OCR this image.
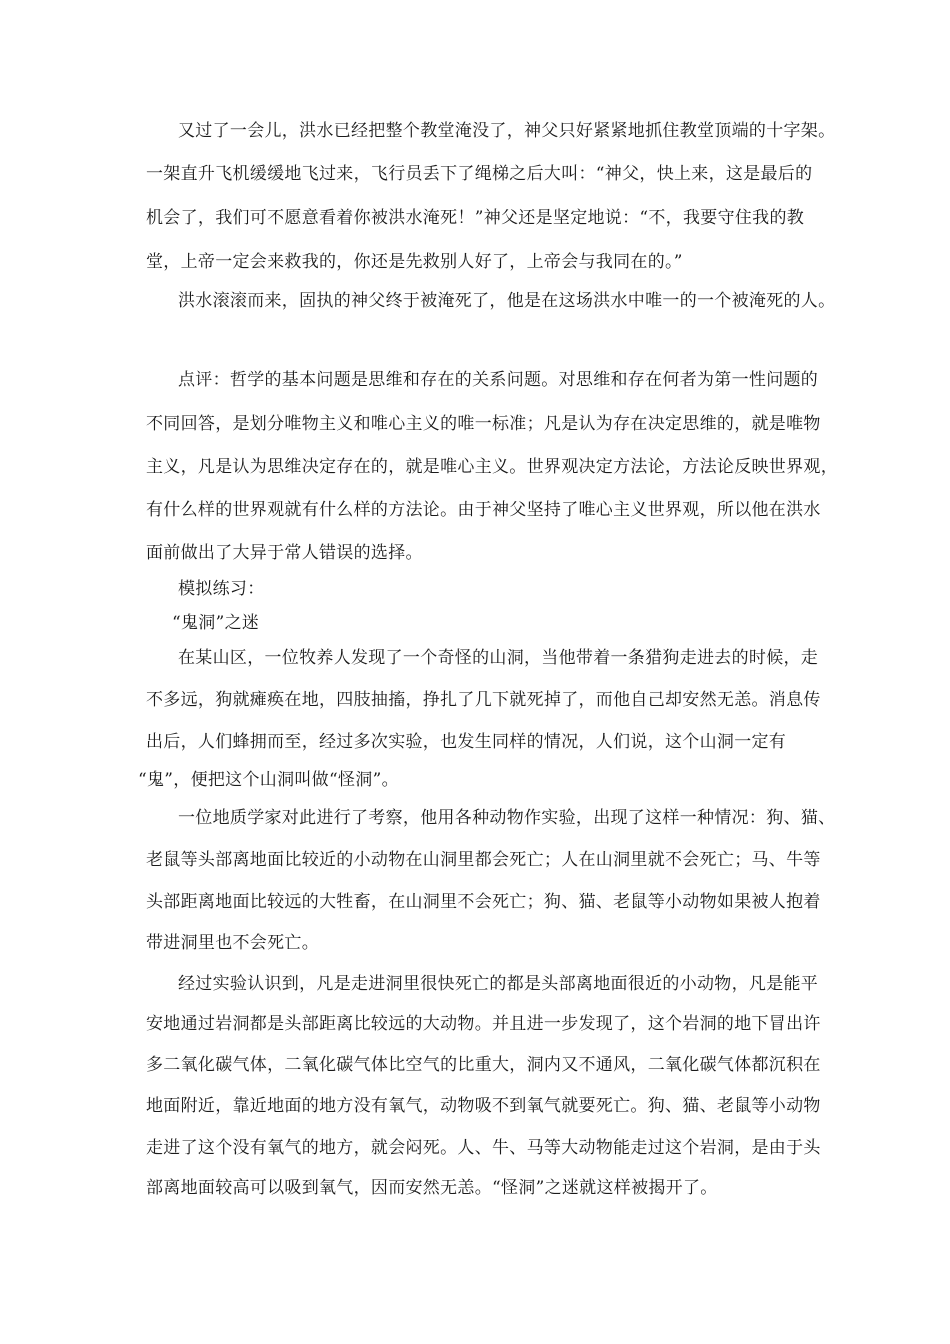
又过了一会儿，洪水已经把整个教堂淹没了，神父只好紧紧地抓住教堂顶端的十字架。
一架直升飞机缓缓地飞过来，飞行员丢下了绳梯之后大叫：“神父，快上来，这是最后的
机会了，我们可不愿意看着你被洪水淹死！”神父还是坚定地说：“不，我要守住我的教
堂，上帝一定会来救我的，你还是先救别人好了，上帝会与我同在的。”
洪水滚滚而来，固执的神父终于被淹死了，他是在这场洪水中唯一的一个被淹死的人。
点评：哲学的基本问题是思维和存在的关系问题。对思维和存在何者为第一性问题的
不同回答，是划分唯物主义和唯心主义的唯一标准；凡是认为存在决定思维的，就是唯物
主义，凡是认为思维决定存在的，就是唯心主义。世界观决定方法论，方法论反映世界观，
有什么样的世界观就有什么样的方法论。由于神父坚持了唯心主义世界观，所以他在洪水
面前做出了大异于常人错误的选择。
模拟练习：
“鬼洞”之迷
在某山区，一位牧养人发现了一个奇怪的山洞，当他带着一条猎狗走进去的时候，走
不多远，狗就瘫痪在地，四肢抽搐，挣扎了几下就死掉了，而他自己却安然无恙。消息传
出后，人们蜂拥而至，经过多次实验，也发生同样的情况，人们说，这个山洞一定有
“鬼”，便把这个山洞叫做“怪洞”。
一位地质学家对此进行了考察，他用各种动物作实验，出现了这样一种情况：狗、猫、
老鼠等头部离地面比较近的小动物在山洞里都会死亡；人在山洞里就不会死亡；马、牛等
头部距离地面比较远的大牲畜，在山洞里不会死亡；狗、猫、老鼠等小动物如果被人抱着
带进洞里也不会死亡。
经过实验认识到，凡是走进洞里很快死亡的都是头部离地面很近的小动物，凡是能平
安地通过岩洞都是头部距离比较远的大动物。并且进一步发现了，这个岩洞的地下冒出许
多二氧化碳气体，二氧化碳气体比空气的比重大，洞内又不通风，二氧化碳气体都沉积在
地面附近，靠近地面的地方没有氧气，动物吸不到氧气就要死亡。狗、猫、老鼠等小动物
走进了这个没有氧气的地方，就会闷死。人、牛、马等大动物能走过这个岩洞，是由于头
部离地面较高可以吸到氧气，因而安然无恙。“怪洞”之迷就这样被揭开了。
